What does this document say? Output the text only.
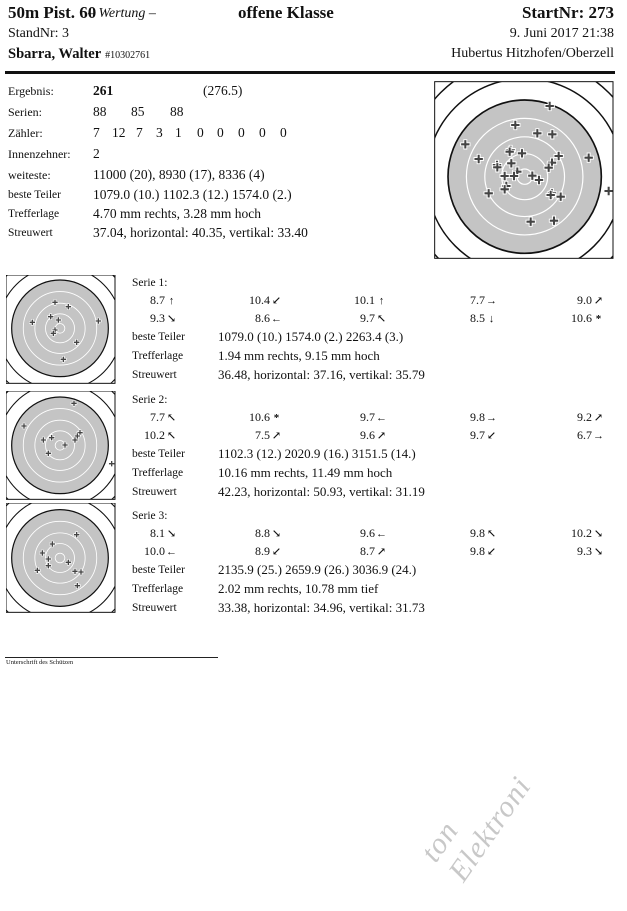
50m Pist. 60
– Wertung –	offene Klasse	StartNr: 273
StandNr: 3	9. Juni 2017 21:38
Sbarra, Walter #10302761	Hubertus Hitzhofen/Oberzell
Ergebnis:	261	(276.5)
Serien:	88 85 88
Zähler:	7 12 7 3 1 0 0 0 0 0
Innenzehner: 2
weiteste:	11000 (20), 8930 (17), 8336 (4)
beste Teiler 1079.0 (10.) 1102.3 (12.) 1574.0 (2.)
Trefferlage	4.70 mm rechts, 3.28 mm hoch
Streuwert	37.04, horizontal: 40.35, vertikal: 33.40
Serie 1:
8.7 ↑	10.4 ↙	10.1 ↑	7.7→	9.0 ↗
9.3 ↘	8.6←	9.7 ↖	8.5 ↓	10.6 *
beste Teiler	1079.0 (10.) 1574.0 (2.) 2263.4 (3.)
Trefferlage	1.94 mm rechts, 9.15 mm hoch
Streuwert	36.48, horizontal: 37.16, vertikal: 35.79
Serie 2:
7.7 ↖	10.6 *	9.7←	9.8→	9.2 ↗
10.2 ↖	7.5 ↗	9.6 ↗	9.7 ↙	6.7→
beste Teiler	1102.3 (12.) 2020.9 (16.) 3151.5 (14.)
Trefferlage	10.16 mm rechts, 11.49 mm hoch
Streuwert	42.23, horizontal: 50.93, vertikal: 31.19
Serie 3:
8.1 ↘	8.8 ↘	9.6←	9.8 ↖	10.2 ↘
10.0←	8.9 ↙	8.7 ↗	9.8 ↙	9.3 ↘
beste Teiler	2135.9 (25.) 2659.9 (26.) 3036.9 (24.)
Trefferlage	2.02 mm rechts, 10.78 mm tief
Streuwert	33.38, horizontal: 34.96, vertikal: 31.73
Unterschrift des Schützen
ton Elektroni
